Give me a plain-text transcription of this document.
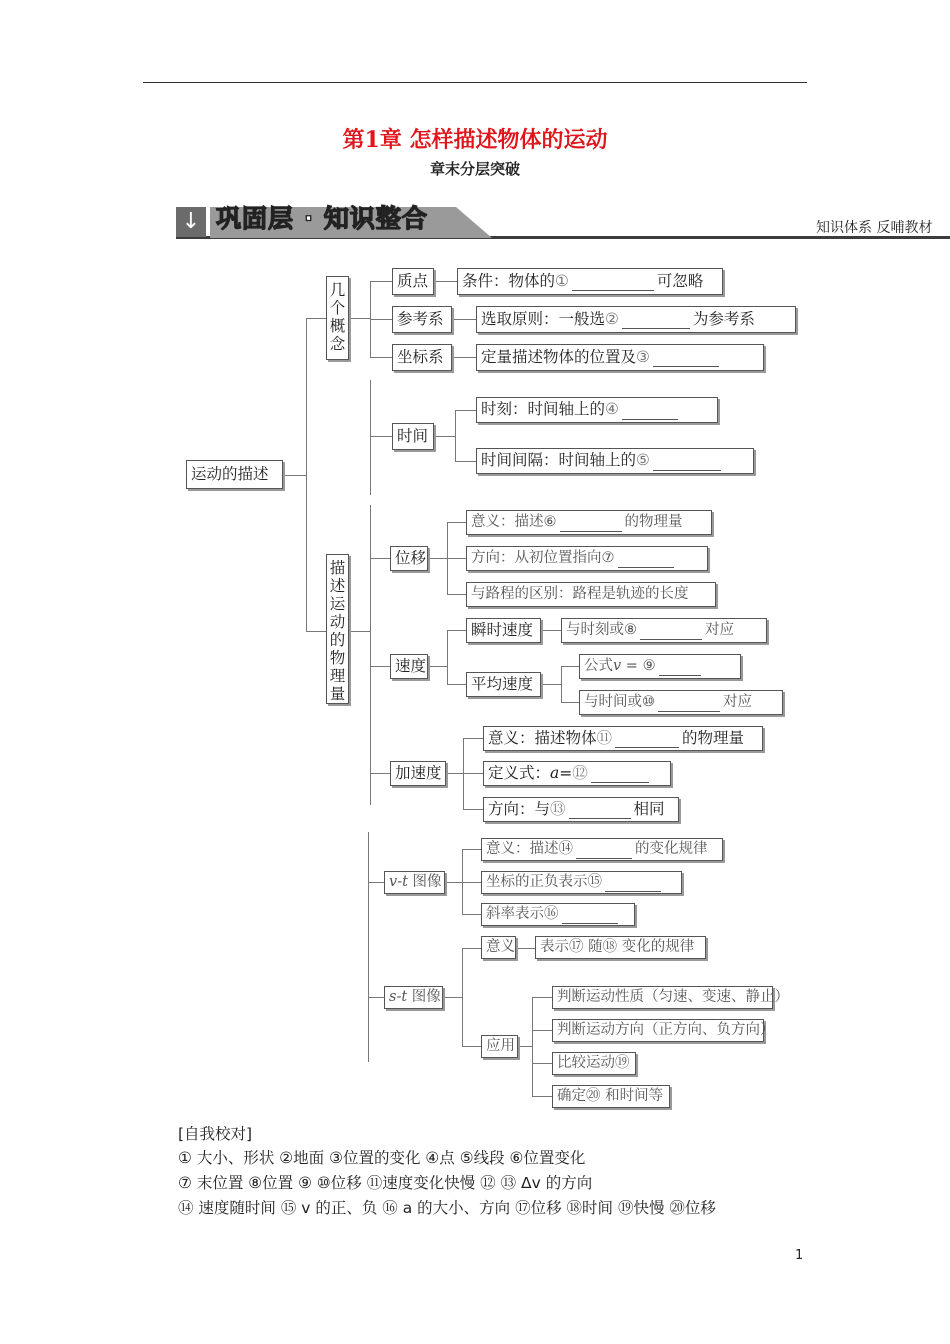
第1章 怎样描述物体的运动
章末分层突破
↓ 巩固层 · 知识整合	知识体系 反哺教材
运动的描述
几个概念
质点 条件：物体的 ①	可忽略
参考系 选取原则：一般选 ②	为参考系
坐标系 定量描述物体的位置及 ③
时间
时刻：时间轴上的 ④
时间间隔：时间轴上的 ⑤
描述运动的物理量
位移
意义：描述 ⑥	的物理量
方向：从初位置指向 ⑦
与路程的区别：路程是轨迹的长度
速度
瞬时速度 与时刻或 ⑧	对应
平均速度
公式 v = ⑨
与时间或 ⑩	对应
加速度
意义：描述物体 ⑪	的物理量
定义式： a = ⑫
方向：与 ⑬	相同
v-t
图像
意义：描述 ⑭	的变化规律
坐标的正负表示 ⑮
斜率表示 ⑯
s-t
图像
意义 表示 ⑰
随 ⑱
变化的规律
应用
判断运动性质（匀速、变速、静止）
判断运动方向（正方向、负方向）
比较运动⑲
确定⑳ 和时间等
[自我校对]
① 大小、形状 ②地面 ③位置的变化 ④点 ⑤线段 ⑥位置变化
⑦ 末位置 ⑧位置 ⑨ ⑩位移 ⑪速度变化快慢 ⑫ ⑬ Δv 的方向
⑭ 速度随时间 ⑮ v 的正、负 ⑯ a 的大小、方向 ⑰位移 ⑱时间 ⑲快慢 ⑳位移
1
